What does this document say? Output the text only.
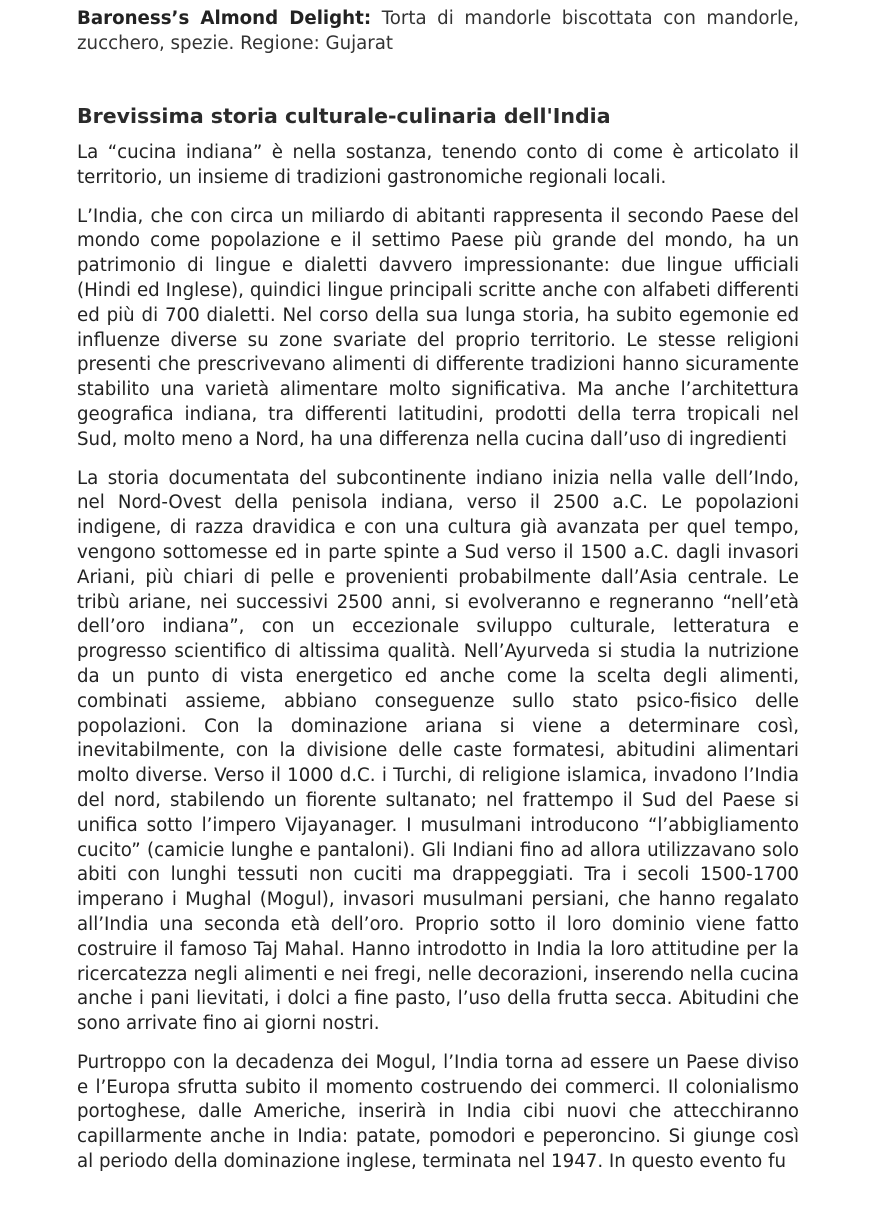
Baroness’s Almond Delight: Torta di mandorle biscottata con mandorle, zucchero, spezie. Regione: Gujarat

Brevissima storia culturale-culinaria dell'India

La “cucina indiana” è nella sostanza, tenendo conto di come è articolato il territorio, un insieme di tradizioni gastronomiche regionali locali.

L’India, che con circa un miliardo di abitanti rappresenta il secondo Paese del mondo come popolazione e il settimo Paese più grande del mondo, ha un patrimonio di lingue e dialetti davvero impressionante: due lingue ufficiali (Hindi ed Inglese), quindici lingue principali scritte anche con alfabeti differenti ed più di 700 dialetti. Nel corso della sua lunga storia, ha subito egemonie ed influenze diverse su zone svariate del proprio territorio. Le stesse religioni presenti che prescrivevano alimenti di differente tradizioni hanno sicuramente stabilito una varietà alimentare molto significativa. Ma anche l’architettura geografica indiana, tra differenti latitudini, prodotti della terra tropicali nel Sud, molto meno a Nord, ha una differenza nella cucina dall’uso di ingredienti

La storia documentata del subcontinente indiano inizia nella valle dell’Indo, nel Nord-Ovest della penisola indiana, verso il 2500 a.C. Le popolazioni indigene, di razza dravidica e con una cultura già avanzata per quel tempo, vengono sottomesse ed in parte spinte a Sud verso il 1500 a.C. dagli invasori Ariani, più chiari di pelle e provenienti probabilmente dall’Asia centrale. Le tribù ariane, nei successivi 2500 anni, si evolveranno e regneranno “nell’età dell’oro indiana”, con un eccezionale sviluppo culturale, letteratura e progresso scientifico di altissima qualità. Nell’Ayurveda si studia la nutrizione da un punto di vista energetico ed anche come la scelta degli alimenti, combinati assieme, abbiano conseguenze sullo stato psico-fisico delle popolazioni. Con la dominazione ariana si viene a determinare così, inevitabilmente, con la divisione delle caste formatesi, abitudini alimentari molto diverse. Verso il 1000 d.C. i Turchi, di religione islamica, invadono l’India del nord, stabilendo un fiorente sultanato; nel frattempo il Sud del Paese si unifica sotto l’impero Vijayanager. I musulmani introducono “l’abbigliamento cucito” (camicie lunghe e pantaloni). Gli Indiani fino ad allora utilizzavano solo abiti con lunghi tessuti non cuciti ma drappeggiati. Tra i secoli 1500-1700 imperano i Mughal (Mogul), invasori musulmani persiani, che hanno regalato all’India una seconda età dell’oro. Proprio sotto il loro dominio viene fatto costruire il famoso Taj Mahal. Hanno introdotto in India la loro attitudine per la ricercatezza negli alimenti e nei fregi, nelle decorazioni, inserendo nella cucina anche i pani lievitati, i dolci a fine pasto, l’uso della frutta secca. Abitudini che sono arrivate fino ai giorni nostri.

Purtroppo con la decadenza dei Mogul, l’India torna ad essere un Paese diviso e l’Europa sfrutta subito il momento costruendo dei commerci. Il colonialismo portoghese, dalle Americhe, inserirà in India cibi nuovi che attecchiranno capillarmente anche in India: patate, pomodori e peperoncino. Si giunge così al periodo della dominazione inglese, terminata nel 1947. In questo evento fu
